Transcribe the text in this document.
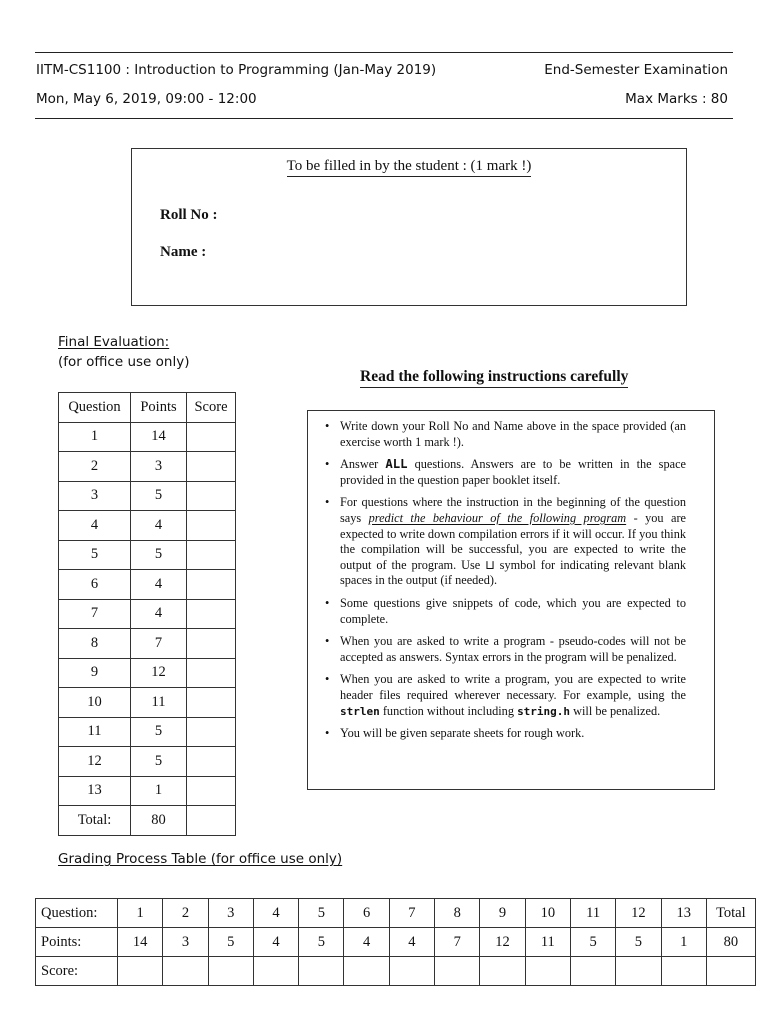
IITM-CS1100 : Introduction to Programming (Jan-May 2019)	End-Semester Examination
Mon, May 6, 2019, 09:00 - 12:00	Max Marks : 80
To be filled in by the student : (1 mark !)
Roll No :
Name :
Final Evaluation:
(for office use only)
Question	Points	Score
1	14	
2	3	
3	5	
4	4	
5	5	
6	4	
7	4	
8	7	
9	12	
10	11	
11	5	
12	5	
13	1	
Total:	80	
Read the following instructions carefully
• Write down your Roll No and Name above in the space provided (an exercise worth 1 mark !).
• Answer ALL questions. Answers are to be written in the space provided in the question paper booklet itself.
• For questions where the instruction in the beginning of the question says predict the behaviour of the following program - you are expected to write down compilation errors if it will occur. If you think the compilation will be successful, you are expected to write the output of the program. Use ⊔ symbol for indicating relevant blank spaces in the output (if needed).
• Some questions give snippets of code, which you are expected to complete.
• When you are asked to write a program - pseudo-codes will not be accepted as answers. Syntax errors in the program will be penalized.
• When you are asked to write a program, you are expected to write header files required wherever necessary. For example, using the strlen function without including string.h will be penalized.
• You will be given separate sheets for rough work.
Grading Process Table (for office use only)
Question:	1	2	3	4	5	6	7	8	9	10	11	12	13	Total
Points:	14	3	5	4	5	4	4	7	12	11	5	5	1	80
Score:														
